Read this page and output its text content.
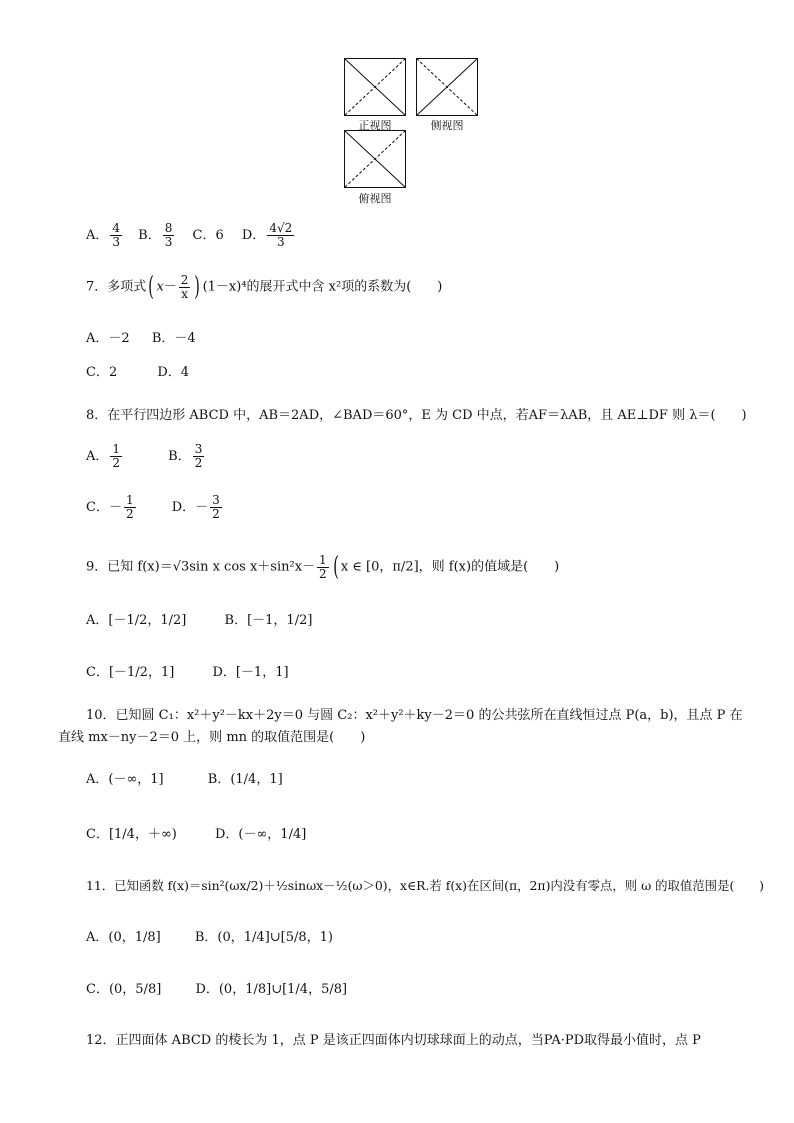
正视图	侧视图
俯视图
A． $\frac{4}{3}$ B． $\frac{8}{3}$ C．6 D． $\frac{4√2}{3}$
7．多项式( $x- \frac{2}{x}$ ) (1－x)⁴的展开式中含 x²项的系数为(　　)
A．－2 B．－4
C．2	D．4
8．在平行四边形 ABCD 中，AB＝2AD，∠BAD＝60°，E 为 CD 中点，若AF＝λAB，且 AE⊥DF 则 λ＝(　　)
A． $\frac{1}{2}$	B． $\frac{3}{2}$
C．－ $\frac{1}{2}$	D．－ $\frac{3}{2}$
9．已知 f(x)＝√3sin x $\cos x+\sin^2x- \frac{1}{2}$ ( x ∈ [0，π/2]，则 f(x)的值域是(　　)
A．[－1/2，1/2]	B．[－1，1/2]
C．[－1/2，1]	D．[－1，1]
10．已知圆 C₁：x²＋y²－kx＋2y＝0 与圆 C₂：x²＋y²＋ky－2＝0 的公共弦所在直线恒过点 P(a，b)，且点 P 在
直线 mx－ny－2＝0 上，则 mn 的取值范围是(　　)
A．(－∞，1]	B．(1/4，1]
C．[1/4，＋∞)	D．(－∞，1/4]
11．已知函数 f(x)＝sin²(ωx/2)＋½sinωx－½(ω＞0)，x∈R.若 f(x)在区间(π，2π)内没有零点，则 ω 的取值范围是(　　)
A．(0，1/8]	B．(0，1/4]∪[5/8，1)
C．(0，5/8]	D．(0，1/8]∪[1/4，5/8]
12．正四面体 ABCD 的棱长为 1，点 P 是该正四面体内切球球面上的动点，当PA·PD取得最小值时，点 P
